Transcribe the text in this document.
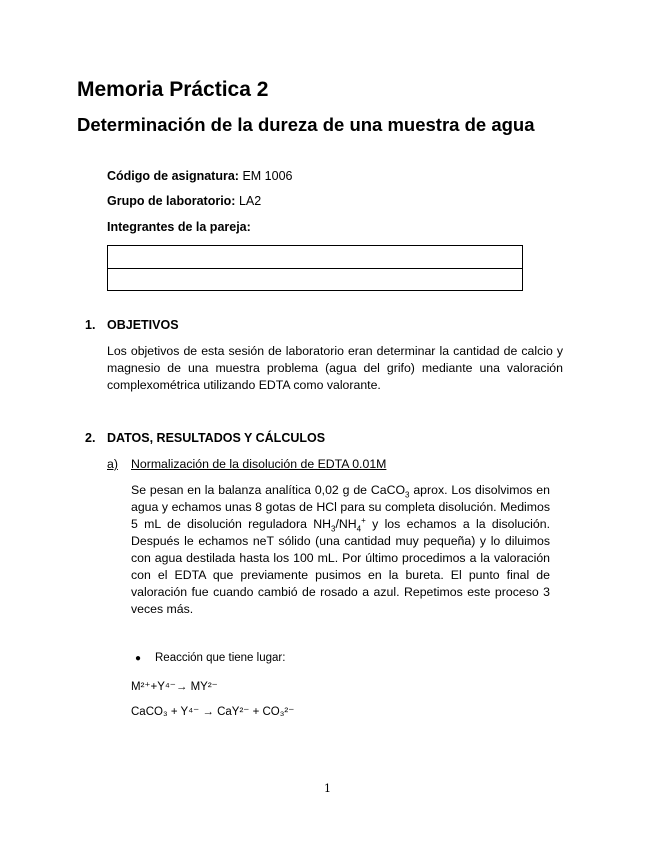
Memoria Práctica 2
Determinación de la dureza de una muestra de agua
Código de asignatura: EM 1006
Grupo de laboratorio: LA2
Integrantes de la pareja:
1. OBJETIVOS
Los objetivos de esta sesión de laboratorio eran determinar la cantidad de calcio y magnesio de una muestra problema (agua del grifo) mediante una valoración complexométrica utilizando EDTA como valorante.
2. DATOS, RESULTADOS Y CÁLCULOS
a) Normalización de la disolución de EDTA 0.01M
Se pesan en la balanza analítica 0,02 g de CaCO$_3$ aprox. Los disolvimos en agua y echamos unas 8 gotas de HCl para su completa disolución. Medimos 5 mL de disolución reguladora $NH_3/NH_4^+$ y los echamos a la disolución. Después le echamos neT sólido (una cantidad muy pequeña) y lo diluimos con agua destilada hasta los 100 mL. Por último procedimos a la valoración con el EDTA que previamente pusimos en la bureta. El punto final de valoración fue cuando cambió de rosado a azul. Repetimos este proceso 3 veces más.
● Reacción que tiene lugar:
M²⁺+Y⁴⁻→ MY²⁻
CaCO₃ + Y⁴⁻ → CaY²⁻ + CO₃²⁻
1
